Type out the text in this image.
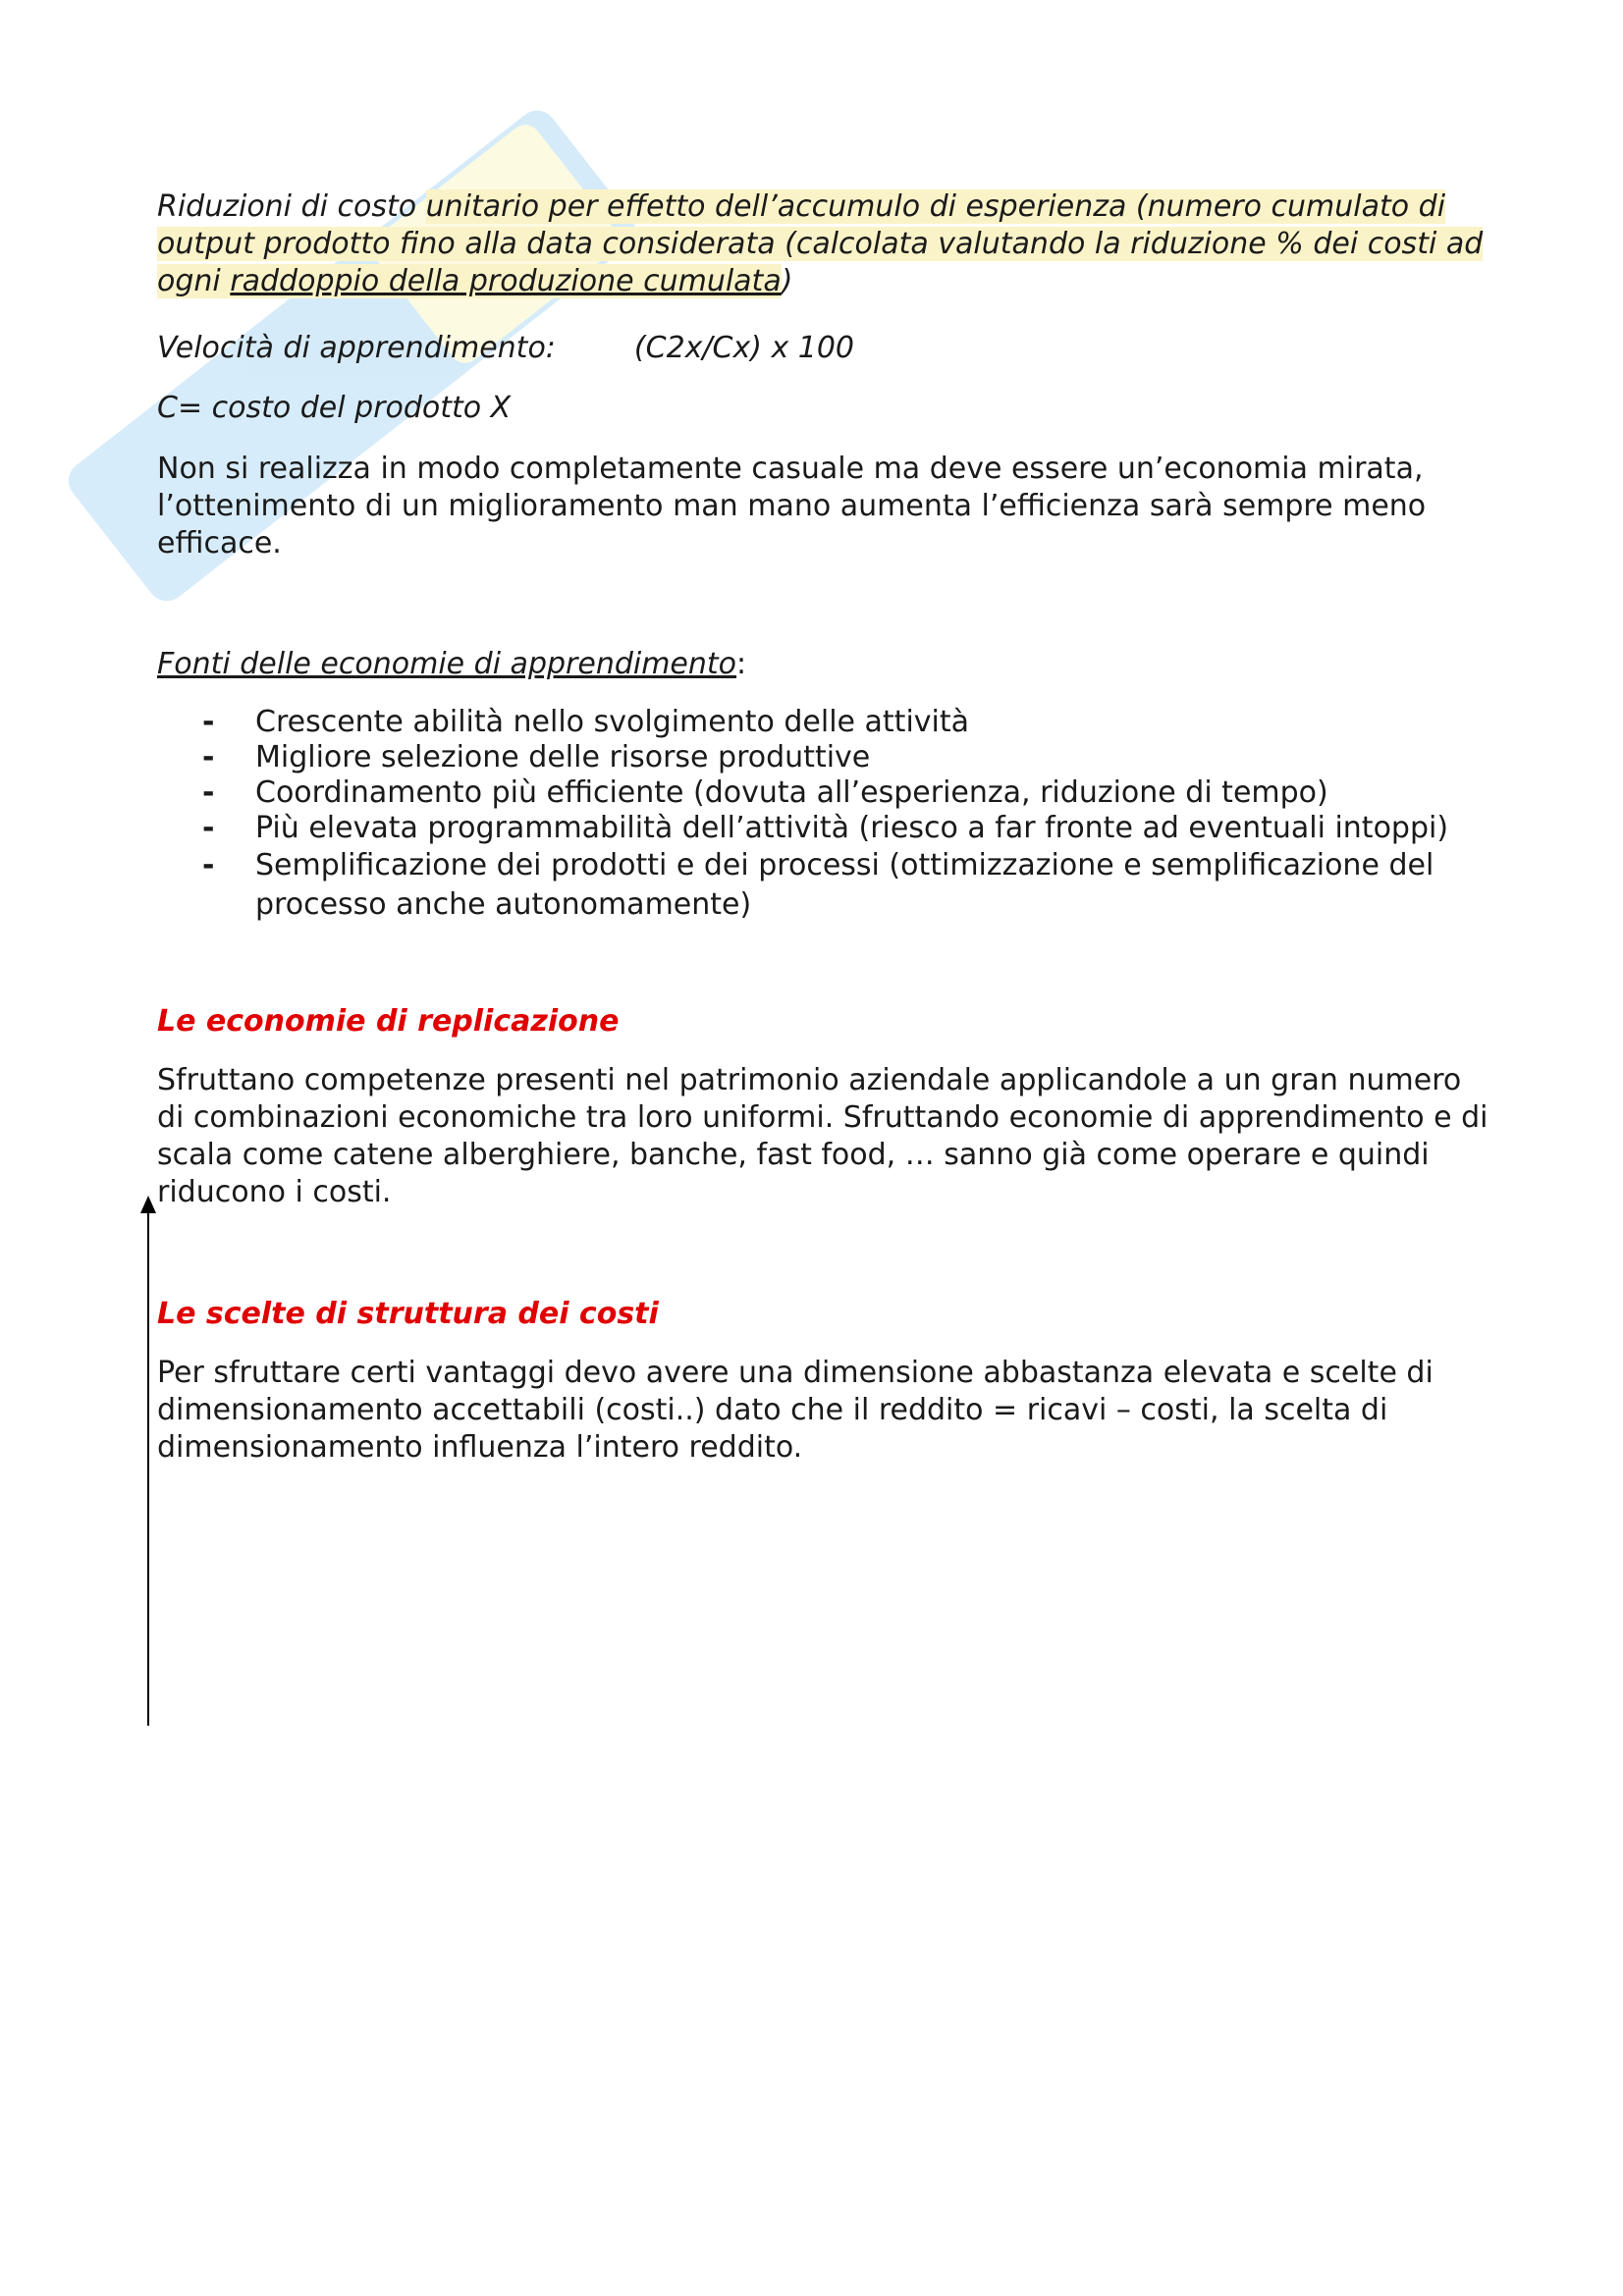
Riduzioni di costo unitario per effetto dell’accumulo di esperienza (numero cumulato di output prodotto fino alla data considerata (calcolata valutando la riduzione % dei costi ad ogni raddoppio della produzione cumulata)

Velocità di apprendimento:	(C2x/Cx) x 100

C= costo del prodotto X

Non si realizza in modo completamente casuale ma deve essere un’economia mirata, l’ottenimento di un miglioramento man mano aumenta l’efficienza sarà sempre meno efficace.

Fonti delle economie di apprendimento:

- Crescente abilità nello svolgimento delle attività
- Migliore selezione delle risorse produttive
- Coordinamento più efficiente (dovuta all’esperienza, riduzione di tempo)
- Più elevata programmabilità dell’attività (riesco a far fronte ad eventuali intoppi)
- Semplificazione dei prodotti e dei processi (ottimizzazione e semplificazione del processo anche autonomamente)

Le economie di replicazione

Sfruttano competenze presenti nel patrimonio aziendale applicandole a un gran numero di combinazioni economiche tra loro uniformi. Sfruttando economie di apprendimento e di scala come catene alberghiere, banche, fast food, … sanno già come operare e quindi riducono i costi.

Le scelte di struttura dei costi

Per sfruttare certi vantaggi devo avere una dimensione abbastanza elevata e scelte di dimensionamento accettabili (costi..) dato che il reddito = ricavi – costi, la scelta di dimensionamento influenza l’intero reddito.
